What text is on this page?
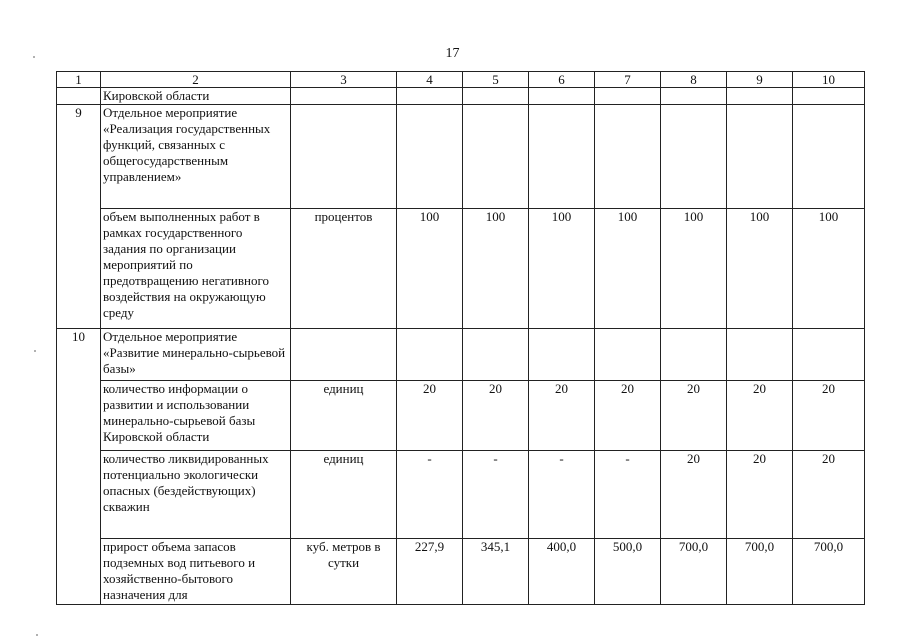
17
1	2	3	4	5	6	7	8	9	10
	Кировской области								
9	Отдельное мероприятие «Реализация государственных функций, связанных с общегосударственным управлением»								
	объем выполненных работ в рамках государственного задания по организации мероприятий по предотвращению негативного воздействия на окружающую среду	процентов	100	100	100	100	100	100	100
10	Отдельное мероприятие «Развитие минерально-сырьевой базы»								
	количество информации о развитии и использовании минерально-сырьевой базы Кировской области	единиц	20	20	20	20	20	20	20
	количество ликвидированных потенциально экологически опасных (бездействующих) скважин	единиц	-	-	-	-	20	20	20
	прирост объема запасов подземных вод питьевого и хозяйственно-бытового назначения для	куб. метров в сутки	227,9	345,1	400,0	500,0	700,0	700,0	700,0
